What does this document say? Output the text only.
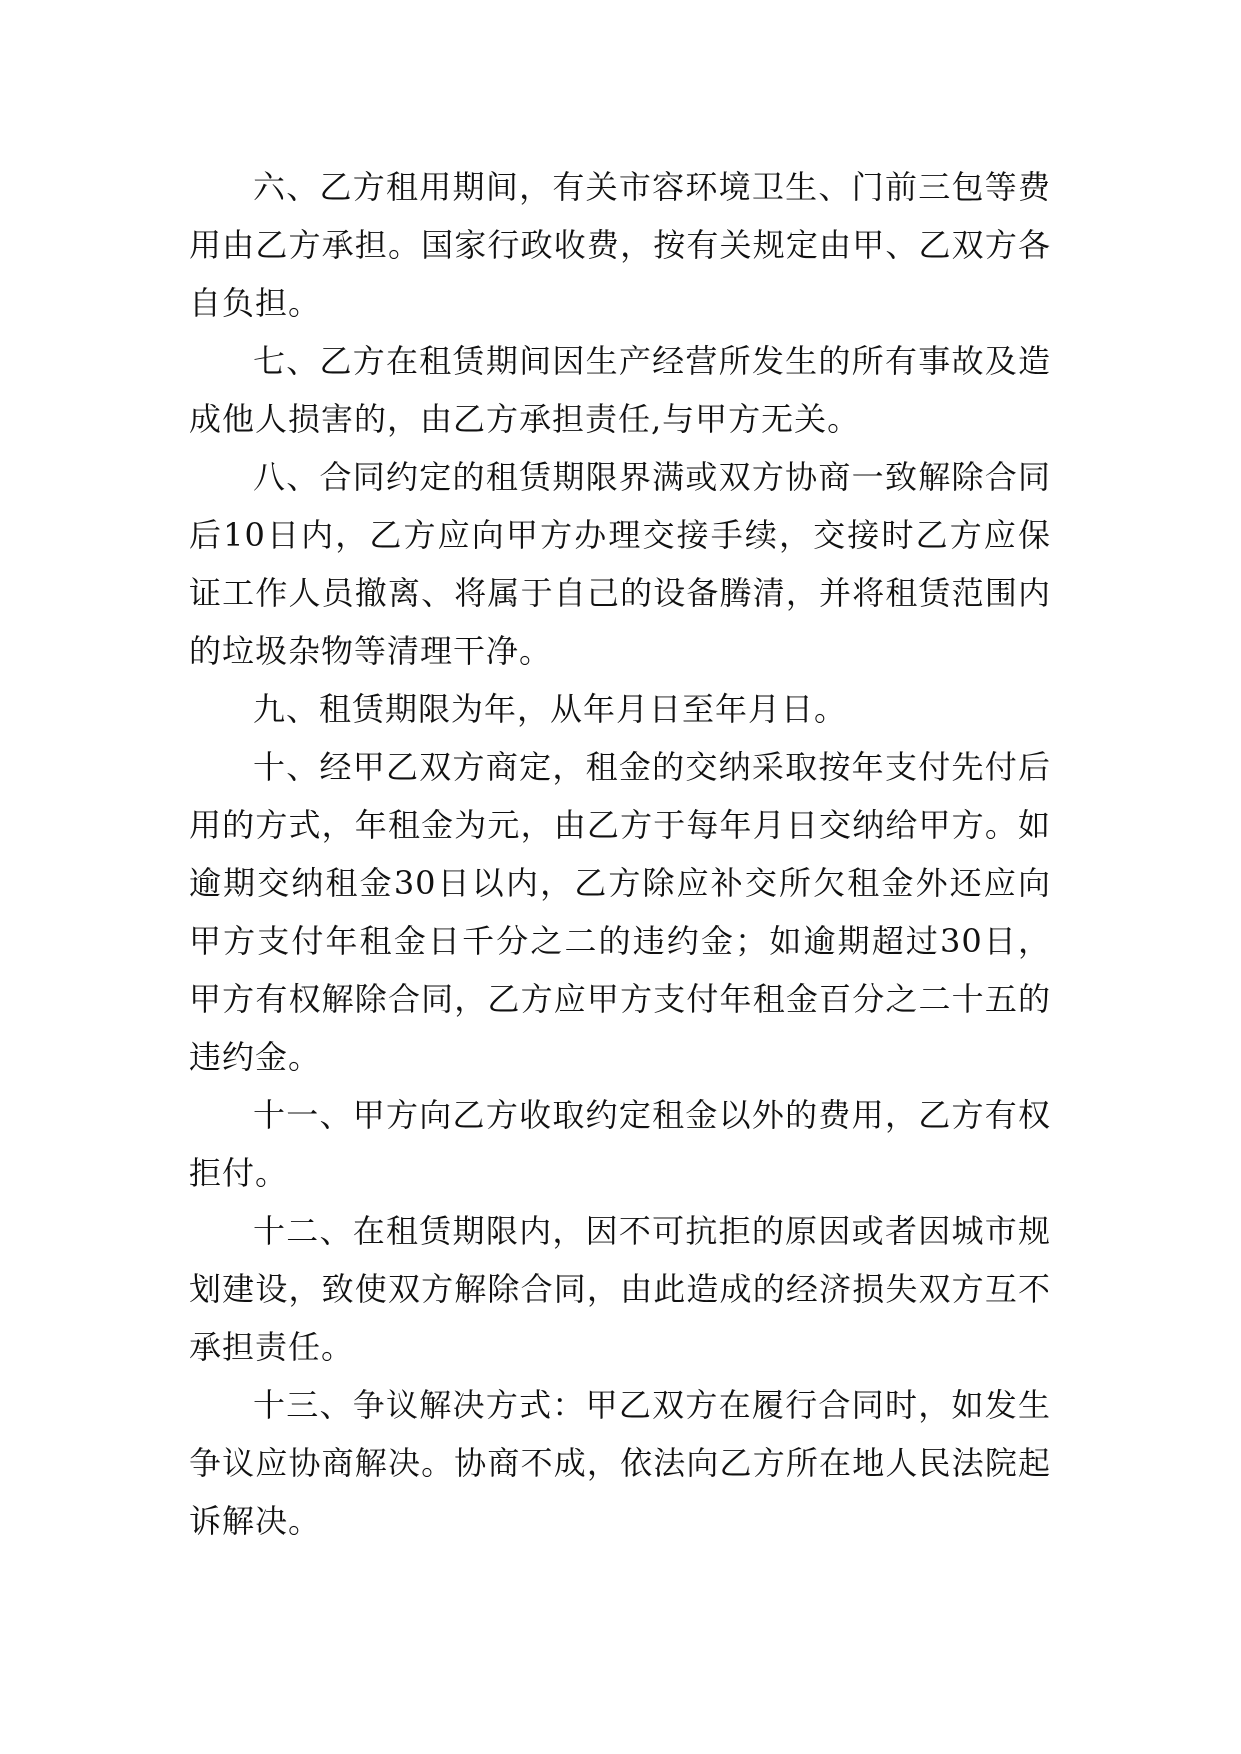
六、乙方租用期间，有关市容环境卫生、门前三包等费用由乙方承担。国家行政收费，按有关规定由甲、乙双方各自负担。

七、乙方在租赁期间因生产经营所发生的所有事故及造成他人损害的，由乙方承担责任,与甲方无关。

八、合同约定的租赁期限界满或双方协商一致解除合同后10日内，乙方应向甲方办理交接手续，交接时乙方应保证工作人员撤离、将属于自己的设备腾清，并将租赁范围内的垃圾杂物等清理干净。

九、租赁期限为年，从年月日至年月日。

十、经甲乙双方商定，租金的交纳采取按年支付先付后用的方式，年租金为元，由乙方于每年月日交纳给甲方。如逾期交纳租金30日以内，乙方除应补交所欠租金外还应向甲方支付年租金日千分之二的违约金；如逾期超过30日，甲方有权解除合同，乙方应甲方支付年租金百分之二十五的违约金。

十一、甲方向乙方收取约定租金以外的费用，乙方有权拒付。

十二、在租赁期限内，因不可抗拒的原因或者因城市规划建设，致使双方解除合同，由此造成的经济损失双方互不承担责任。

十三、争议解决方式：甲乙双方在履行合同时，如发生争议应协商解决。协商不成，依法向乙方所在地人民法院起诉解决。
